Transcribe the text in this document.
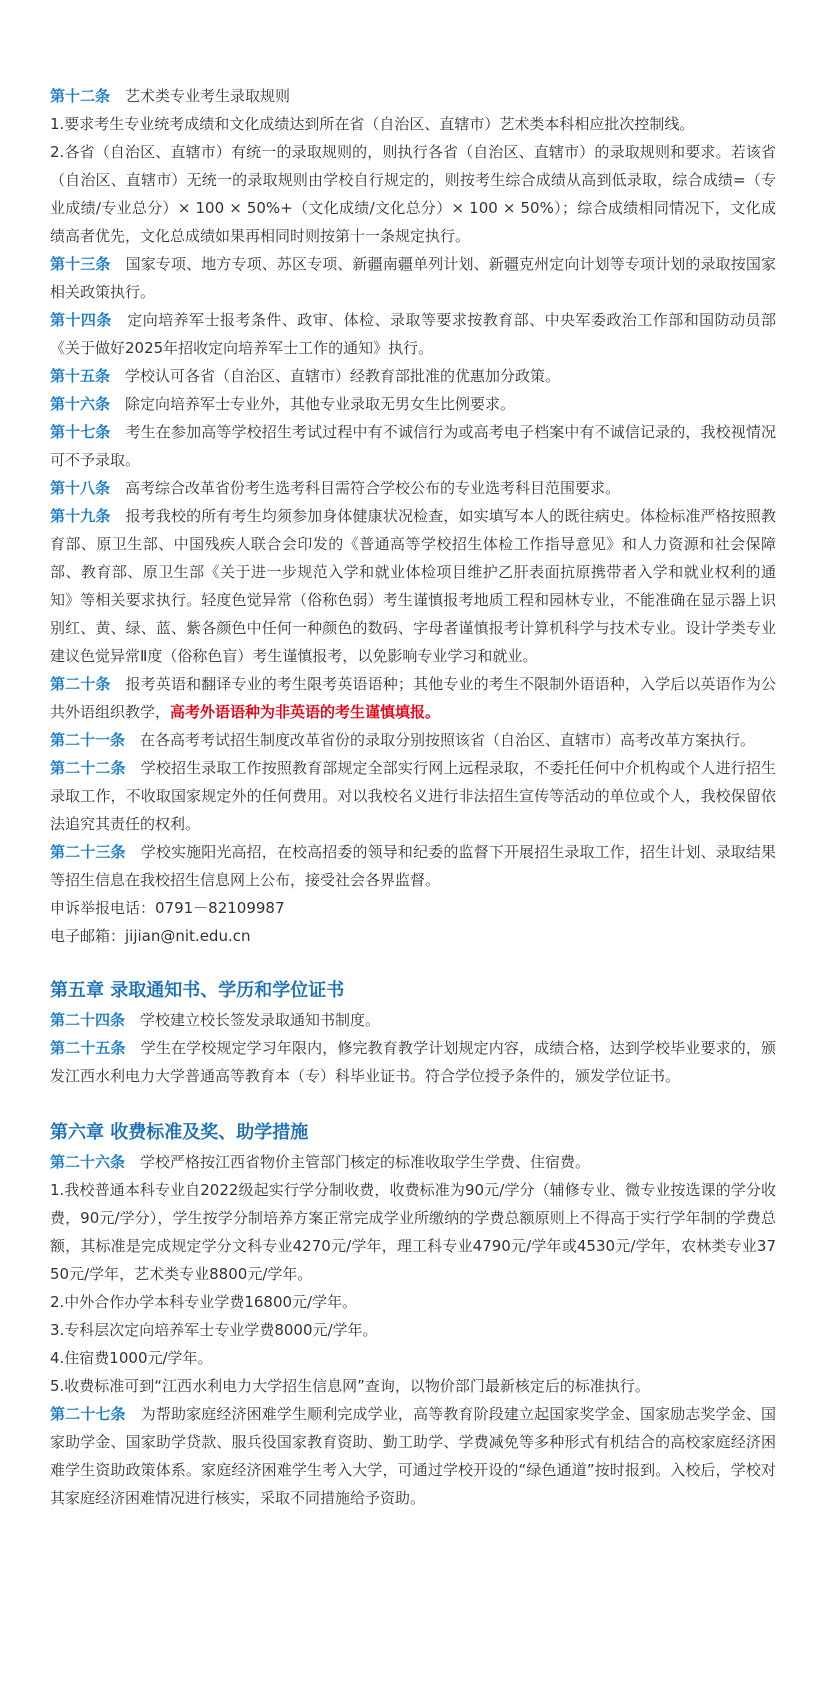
第十二条　 艺术类专业考生录取规则

1.要求考生专业统考成绩和文化成绩达到所在省（自治区、直辖市）艺术类本科相应批次控制线。

2.各省（自治区、直辖市）有统一的录取规则的，则执行各省（自治区、直辖市）的录取规则和要求。若该省（自治区、直辖市）无统一的录取规则由学校自行规定的，则按考生综合成绩从高到低录取，综合成绩=（专业成绩/专业总分）× 100 × 50%+（文化成绩/文化总分）× 100 × 50%）；综合成绩相同情况下，文化成绩高者优先，文化总成绩如果再相同时则按第十一条规定执行。

第十三条　 国家专项、地方专项、苏区专项、新疆南疆单列计划、新疆克州定向计划等专项计划的录取按国家相关政策执行。

第十四条　 定向培养军士报考条件、政审、体检、录取等要求按教育部、中央军委政治工作部和国防动员部《关于做好2025年招收定向培养军士工作的通知》执行。

第十五条　 学校认可各省（自治区、直辖市）经教育部批准的优惠加分政策。

第十六条　 除定向培养军士专业外，其他专业录取无男女生比例要求。

第十七条　 考生在参加高等学校招生考试过程中有不诚信行为或高考电子档案中有不诚信记录的，我校视情况可不予录取。

第十八条　 高考综合改革省份考生选考科目需符合学校公布的专业选考科目范围要求。

第十九条　 报考我校的所有考生均须参加身体健康状况检查，如实填写本人的既往病史。体检标准严格按照教育部、原卫生部、中国残疾人联合会印发的《普通高等学校招生体检工作指导意见》和人力资源和社会保障部、教育部、原卫生部《关于进一步规范入学和就业体检项目维护乙肝表面抗原携带者入学和就业权利的通知》等相关要求执行。轻度色觉异常（俗称色弱）考生谨慎报考地质工程和园林专业，不能准确在显示器上识别红、黄、绿、蓝、紫各颜色中任何一种颜色的数码、字母者谨慎报考计算机科学与技术专业。设计学类专业建议色觉异常Ⅱ度（俗称色盲）考生谨慎报考，以免影响专业学习和就业。

第二十条　 报考英语和翻译专业的考生限考英语语种；其他专业的考生不限制外语语种，入学后以英语作为公共外语组织教学，高考外语语种为非英语的考生谨慎填报。

第二十一条　 在各高考考试招生制度改革省份的录取分别按照该省（自治区、直辖市）高考改革方案执行。

第二十二条　 学校招生录取工作按照教育部规定全部实行网上远程录取，不委托任何中介机构或个人进行招生录取工作，不收取国家规定外的任何费用。对以我校名义进行非法招生宣传等活动的单位或个人，我校保留依法追究其责任的权利。

第二十三条　 学校实施阳光高招，在校高招委的领导和纪委的监督下开展招生录取工作，招生计划、录取结果等招生信息在我校招生信息网上公布，接受社会各界监督。

申诉举报电话：0791－82109987

电子邮箱：jijian@nit.edu.cn

第五章 录取通知书、学历和学位证书

第二十四条　 学校建立校长签发录取通知书制度。

第二十五条　 学生在学校规定学习年限内，修完教育教学计划规定内容，成绩合格，达到学校毕业要求的，颁发江西水利电力大学普通高等教育本（专）科毕业证书。符合学位授予条件的，颁发学位证书。

第六章 收费标准及奖、助学措施

第二十六条　 学校严格按江西省物价主管部门核定的标准收取学生学费、住宿费。

1.我校普通本科专业自2022级起实行学分制收费，收费标准为90元/学分（辅修专业、微专业按选课的学分收费，90元/学分），学生按学分制培养方案正常完成学业所缴纳的学费总额原则上不得高于实行学年制的学费总额，其标准是完成规定学分文科专业4270元/学年，理工科专业4790元/学年或4530元/学年，农林类专业3750元/学年，艺术类专业8800元/学年。

2.中外合作办学本科专业学费16800元/学年。

3.专科层次定向培养军士专业学费8000元/学年。

4.住宿费1000元/学年。

5.收费标准可到“江西水利电力大学招生信息网”查询，以物价部门最新核定后的标准执行。

第二十七条　 为帮助家庭经济困难学生顺利完成学业，高等教育阶段建立起国家奖学金、国家励志奖学金、国家助学金、国家助学贷款、服兵役国家教育资助、勤工助学、学费减免等多种形式有机结合的高校家庭经济困难学生资助政策体系。家庭经济困难学生考入大学，可通过学校开设的“绿色通道”按时报到。入校后，学校对其家庭经济困难情况进行核实，采取不同措施给予资助。
